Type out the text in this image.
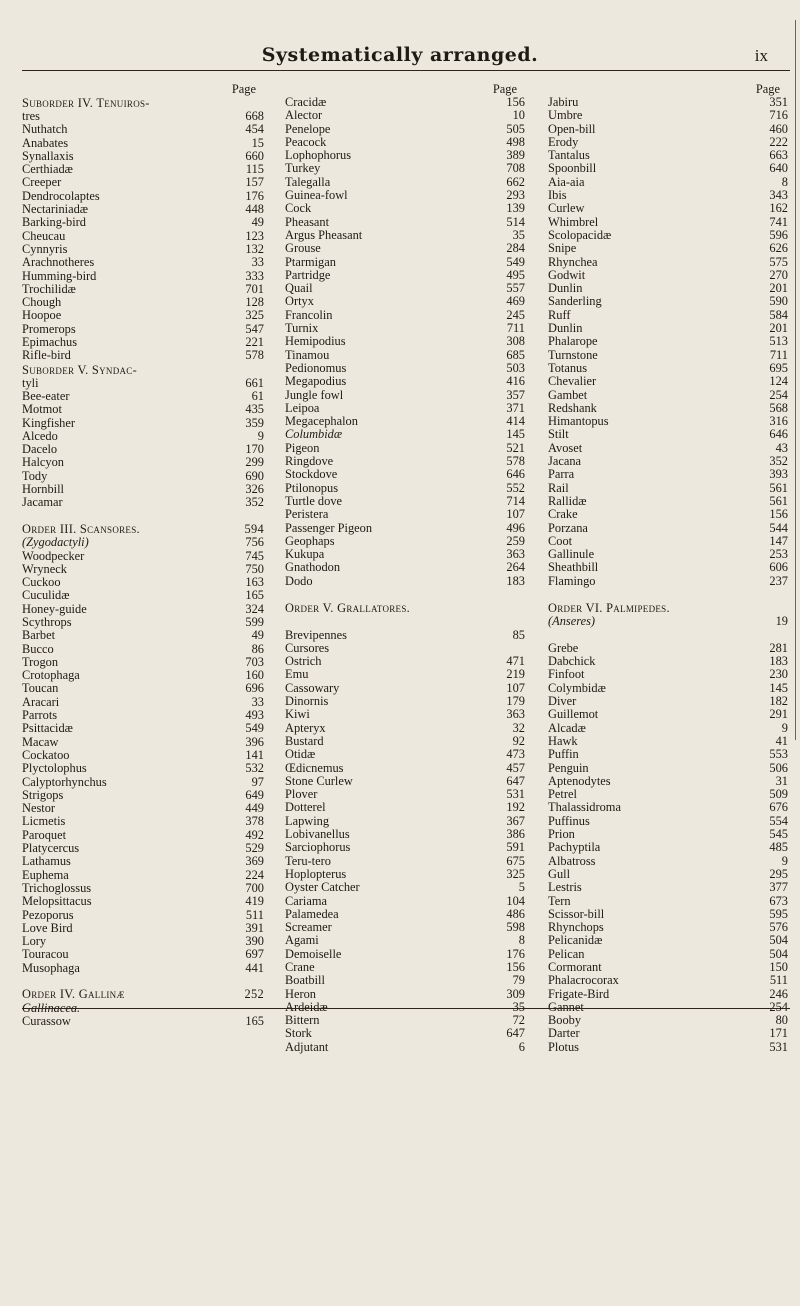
Systematically arranged.	ix
Page
Suborder IV. Tenuiros-
tres	668
Nuthatch	454
Anabates	15
Synallaxis	660
Certhiadæ	115
Creeper	157
Dendrocolaptes	176
Nectariniadæ	448
Barking-bird	49
Cheucau	123
Cynnyris	132
Arachnotheres	33
Humming-bird	333
Trochilidæ	701
Chough	128
Hoopoe	325
Promerops	547
Epimachus	221
Rifle-bird	578
Suborder V. Syndac-
tyli	661
Bee-eater	61
Motmot	435
Kingfisher	359
Alcedo	9
Dacelo	170
Halcyon	299
Tody	690
Hornbill	326
Jacamar	352
Order III. Scansores.	594
(Zygodactyli)	756
Woodpecker	745
Wryneck	750
Cuckoo	163
Cuculidæ	165
Honey-guide	324
Scythrops	599
Barbet	49
Bucco	86
Trogon	703
Crotophaga	160
Toucan	696
Aracari	33
Parrots	493
Psittacidæ	549
Macaw	396
Cockatoo	141
Plyctolophus	532
Calyptorhynchus	97
Strigops	649
Nestor	449
Licmetis	378
Paroquet	492
Platycercus	529
Lathamus	369
Euphema	224
Trichoglossus	700
Melopsittacus	419
Pezoporus	511
Love Bird	391
Lory	390
Touracou	697
Musophaga	441
Order IV. Gallinæ	252
Gallinacea.
Curassow	165
Page
Cracidæ	156
Alector	10
Penelope	505
Peacock	498
Lophophorus	389
Turkey	708
Talegalla	662
Guinea-fowl	293
Cock	139
Pheasant	514
Argus Pheasant	35
Grouse	284
Ptarmigan	549
Partridge	495
Quail	557
Ortyx	469
Francolin	245
Turnix	711
Hemipodius	308
Tinamou	685
Pedionomus	503
Megapodius	416
Jungle fowl	357
Leipoa	371
Megacephalon	414
Columbidæ	145
Pigeon	521
Ringdove	578
Stockdove	646
Ptilonopus	552
Turtle dove	714
Peristera	107
Passenger Pigeon	496
Geophaps	259
Kukupa	363
Gnathodon	264
Dodo	183
Order V. Grallatores.
Brevipennes	85
Cursores
Ostrich	471
Emu	219
Cassowary	107
Dinornis	179
Kiwi	363
Apteryx	32
Bustard	92
Otidæ	473
Œdicnemus	457
Stone Curlew	647
Plover	531
Dotterel	192
Lapwing	367
Lobivanellus	386
Sarciophorus	591
Teru-tero	675
Hoplopterus	325
Oyster Catcher	5
Cariama	104
Palamedea	486
Screamer	598
Agami	8
Demoiselle	176
Crane	156
Boatbill	79
Heron	309
Ardeidæ	35
Bittern	72
Stork	647
Adjutant	6
Page
Jabiru	351
Umbre	716
Open-bill	460
Erody	222
Tantalus	663
Spoonbill	640
Aia-aia	8
Ibis	343
Curlew	162
Whimbrel	741
Scolopacidæ	596
Snipe	626
Rhynchea	575
Godwit	270
Dunlin	201
Sanderling	590
Ruff	584
Dunlin	201
Phalarope	513
Turnstone	711
Totanus	695
Chevalier	124
Gambet	254
Redshank	568
Himantopus	316
Stilt	646
Avoset	43
Jacana	352
Parra	393
Rail	561
Rallidæ	561
Crake	156
Porzana	544
Coot	147
Gallinule	253
Sheathbill	606
Flamingo	237
Order VI. Palmipedes.
(Anseres)	19
Grebe	281
Dabchick	183
Finfoot	230
Colymbidæ	145
Diver	182
Guillemot	291
Alcadæ	9
Hawk	41
Puffin	553
Penguin	506
Aptenodytes	31
Petrel	509
Thalassidroma	676
Puffinus	554
Prion	545
Pachyptila	485
Albatross	9
Gull	295
Lestris	377
Tern	673
Scissor-bill	595
Rhynchops	576
Pelicanidæ	504
Pelican	504
Cormorant	150
Phalacrocorax	511
Frigate-Bird	246
Gannet	254
Booby	80
Darter	171
Plotus	531
